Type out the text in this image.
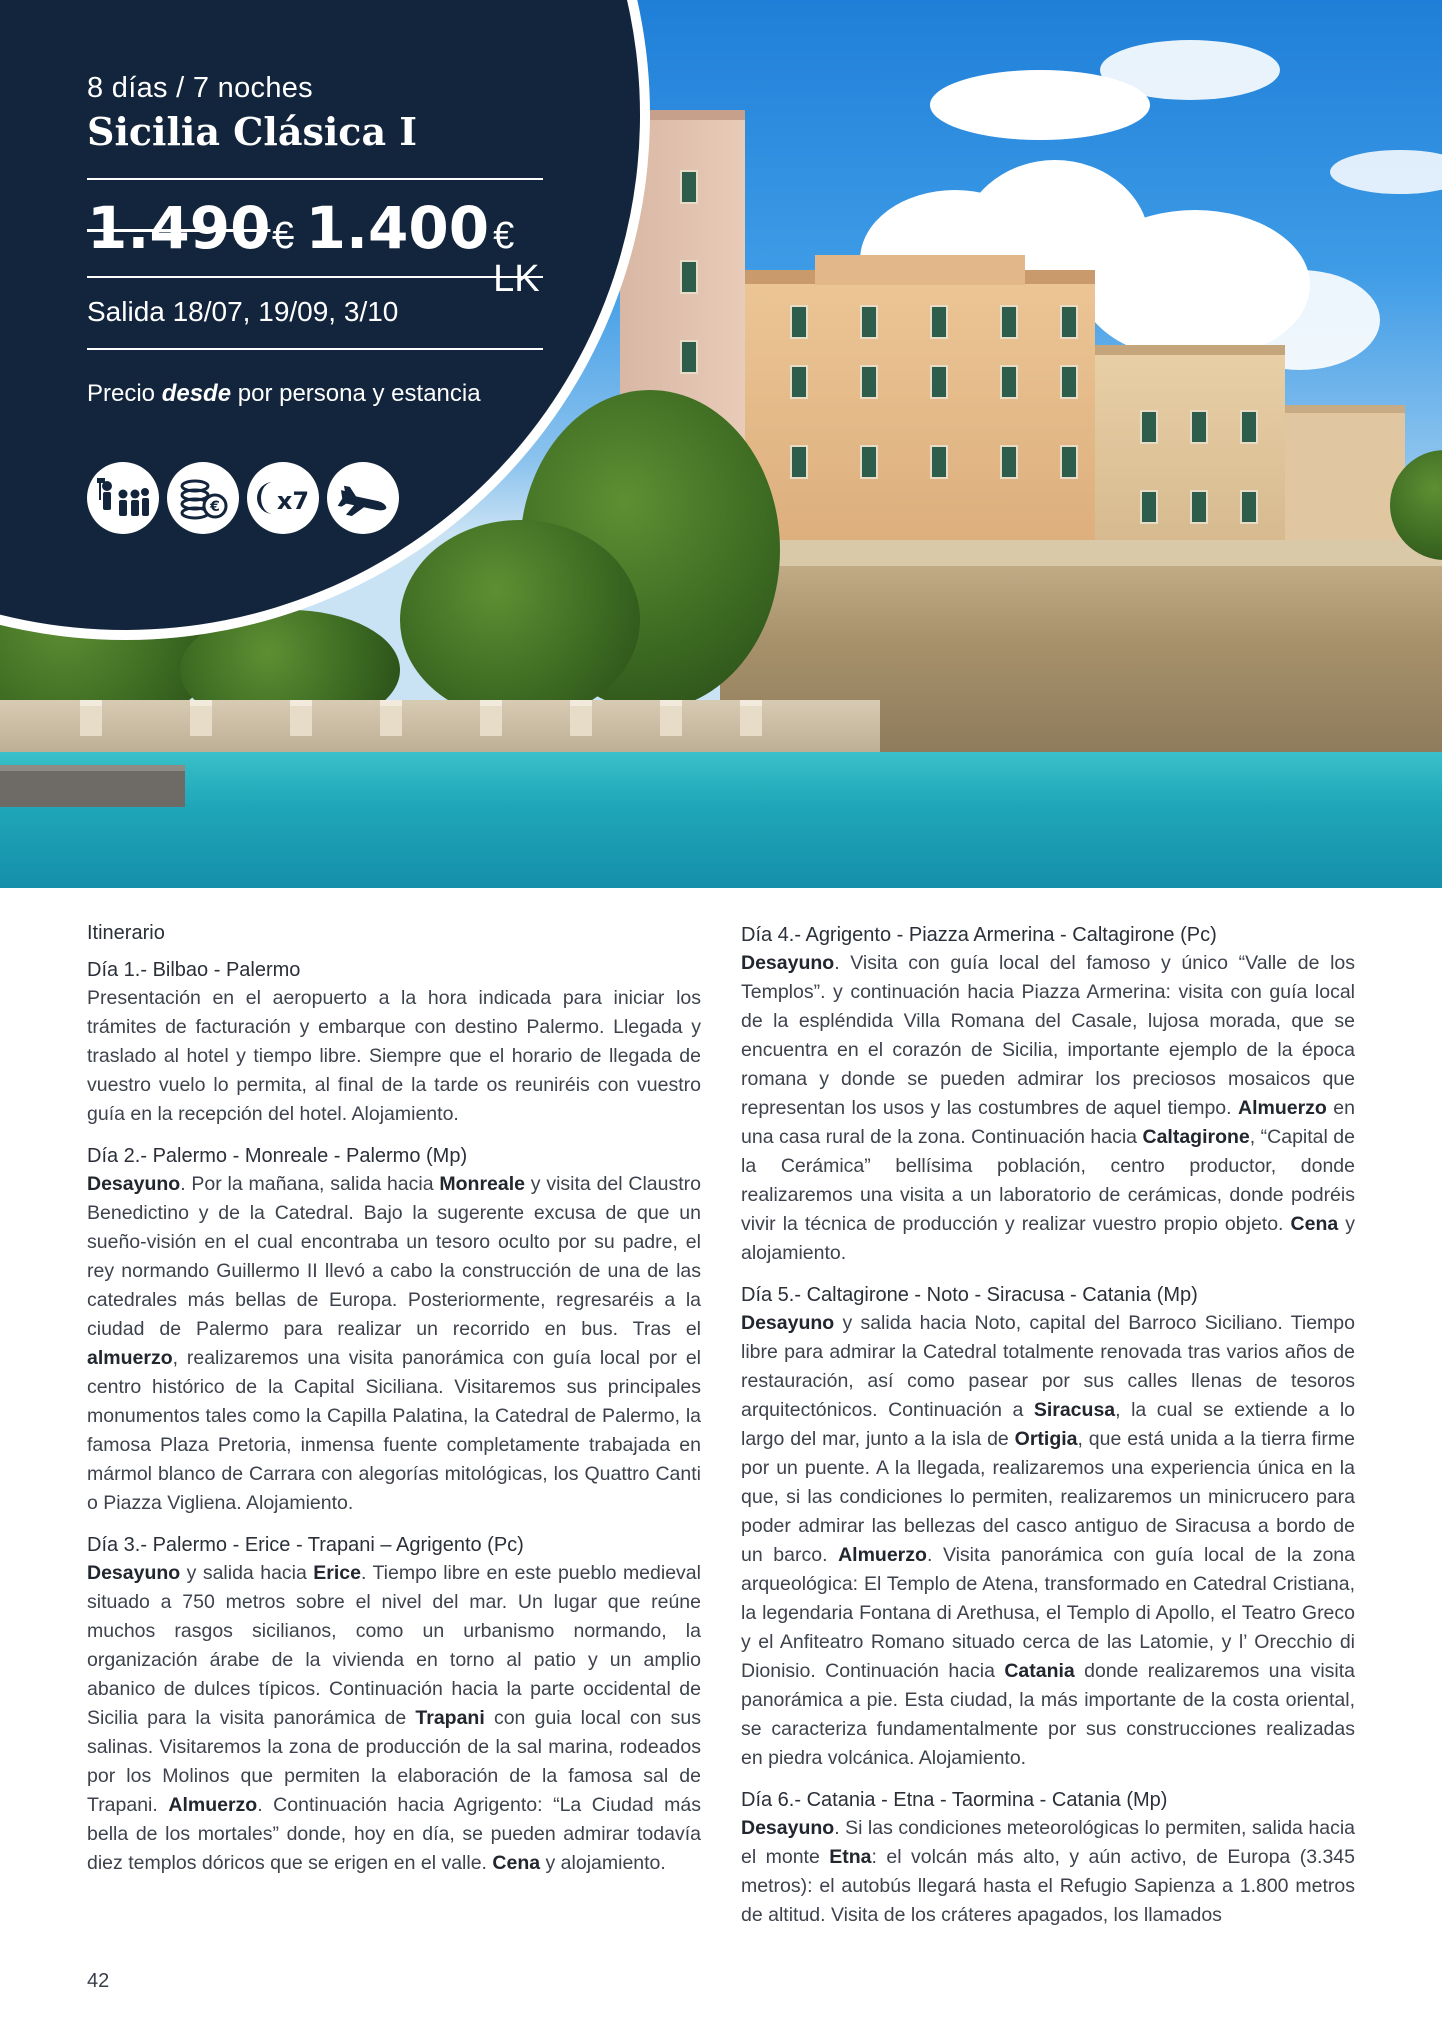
8 días / 7 noches
Sicilia Clásica I
1.490 € 1.400 € LK
Salida 18/07, 19/09, 3/10
Precio desde por persona y estancia
€ x7
Itinerario
Día 1.- Bilbao - Palermo
Presentación en el aeropuerto a la hora indicada para iniciar los trámites de facturación y embarque con destino Palermo. Llegada y traslado al hotel y tiempo libre. Siempre que el horario de llegada de vuestro vuelo lo permita, al final de la tarde os reuniréis con vuestro guía en la recepción del hotel. Alojamiento.
Día 2.- Palermo - Monreale - Palermo (Mp)
Desayuno. Por la mañana, salida hacia Monreale y visita del Claustro Benedictino y de la Catedral. Bajo la sugerente excusa de que un sueño-visión en el cual encontraba un tesoro oculto por su padre, el rey normando Guillermo II llevó a cabo la construcción de una de las catedrales más bellas de Europa. Posteriormente, regresaréis a la ciudad de Palermo para realizar un recorrido en bus. Tras el almuerzo, realizaremos una visita panorámica con guía local por el centro histórico de la Capital Siciliana. Visitaremos sus principales monumentos tales como la Capilla Palatina, la Catedral de Palermo, la famosa Plaza Pretoria, inmensa fuente completamente trabajada en mármol blanco de Carrara con alegorías mitológicas, los Quattro Canti o Piazza Vigliena. Alojamiento.
Día 3.- Palermo - Erice - Trapani – Agrigento (Pc)
Desayuno y salida hacia Erice. Tiempo libre en este pueblo medieval situado a 750 metros sobre el nivel del mar. Un lugar que reúne muchos rasgos sicilianos, como un urbanismo normando, la organización árabe de la vivienda en torno al patio y un amplio abanico de dulces típicos. Continuación hacia la parte occidental de Sicilia para la visita panorámica de Trapani con guia local con sus salinas. Visitaremos la zona de producción de la sal marina, rodeados por los Molinos que permiten la elaboración de la famosa sal de Trapani. Almuerzo. Continuación hacia Agrigento: “La Ciudad más bella de los mortales” donde, hoy en día, se pueden admirar todavía diez templos dóricos que se erigen en el valle. Cena y alojamiento.
Día 4.- Agrigento - Piazza Armerina - Caltagirone (Pc)
Desayuno. Visita con guía local del famoso y único “Valle de los Templos”. y continuación hacia Piazza Armerina: visita con guía local de la espléndida Villa Romana del Casale, lujosa morada, que se encuentra en el corazón de Sicilia, importante ejemplo de la época romana y donde se pueden admirar los preciosos mosaicos que representan los usos y las costumbres de aquel tiempo. Almuerzo en una casa rural de la zona. Continuación hacia Caltagirone, “Capital de la Cerámica” bellísima población, centro productor, donde realizaremos una visita a un laboratorio de cerámicas, donde podréis vivir la técnica de producción y realizar vuestro propio objeto. Cena y alojamiento.
Día 5.- Caltagirone - Noto - Siracusa - Catania (Mp)
Desayuno y salida hacia Noto, capital del Barroco Siciliano. Tiempo libre para admirar la Catedral totalmente renovada tras varios años de restauración, así como pasear por sus calles llenas de tesoros arquitectónicos. Continuación a Siracusa, la cual se extiende a lo largo del mar, junto a la isla de Ortigia, que está unida a la tierra firme por un puente. A la llegada, realizaremos una experiencia única en la que, si las condiciones lo permiten, realizaremos un minicrucero para poder admirar las bellezas del casco antiguo de Siracusa a bordo de un barco. Almuerzo. Visita panorámica con guía local de la zona arqueológica: El Templo de Atena, transformado en Catedral Cristiana, la legendaria Fontana di Arethusa, el Templo di Apollo, el Teatro Greco y el Anfiteatro Romano situado cerca de las Latomie, y l’ Orecchio di Dionisio. Continuación hacia Catania donde realizaremos una visita panorámica a pie. Esta ciudad, la más importante de la costa oriental, se caracteriza fundamentalmente por sus construcciones realizadas en piedra volcánica. Alojamiento.
Día 6.- Catania - Etna - Taormina - Catania (Mp)
Desayuno. Si las condiciones meteorológicas lo permiten, salida hacia el monte Etna: el volcán más alto, y aún activo, de Europa (3.345 metros): el autobús llegará hasta el Refugio Sapienza a 1.800 metros de altitud. Visita de los cráteres apagados, los llamados
42
